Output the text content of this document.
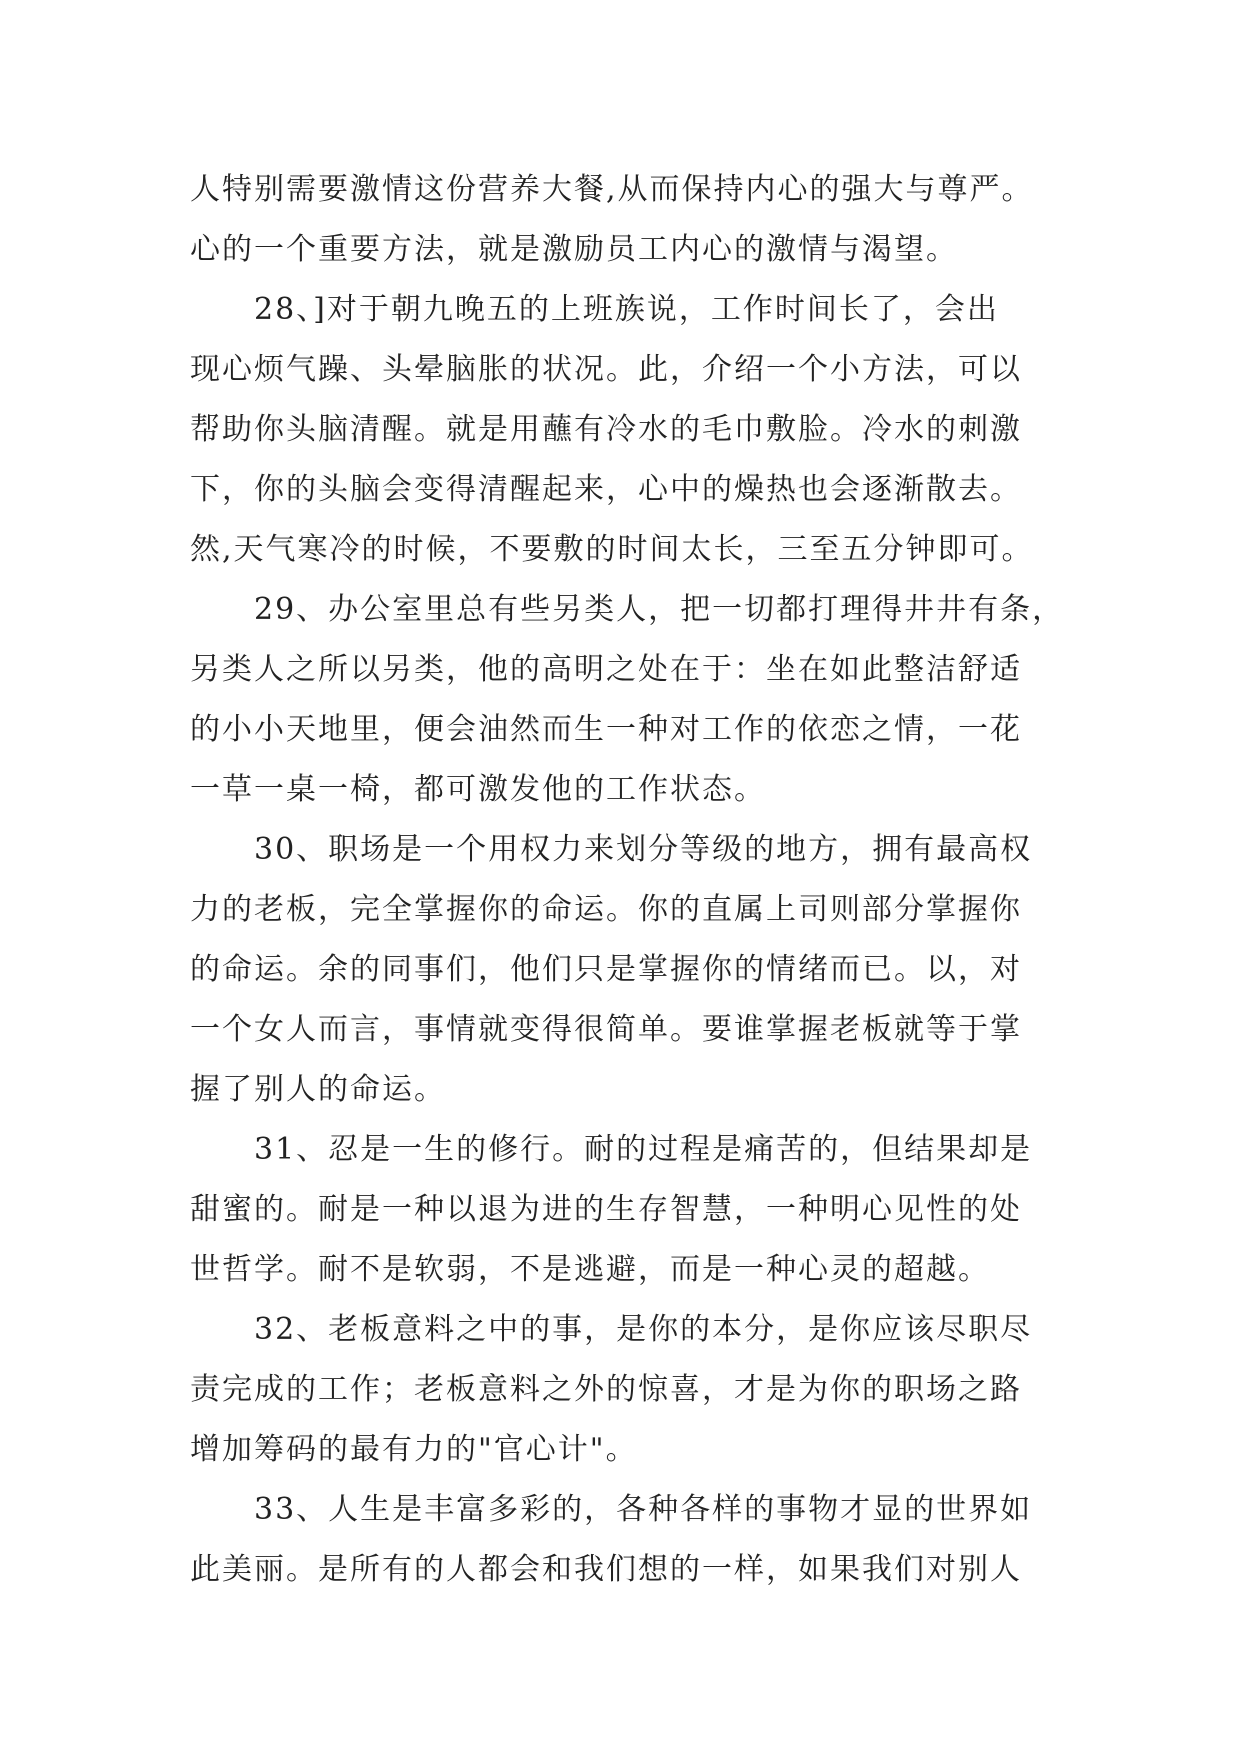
人特别需要激情这份营养大餐,从而保持内心的强大与尊严。
心的一个重要方法，就是激励员工内心的激情与渴望。
28、]对于朝九晚五的上班族说，工作时间长了，会出
现心烦气躁、头晕脑胀的状况。此，介绍一个小方法，可以
帮助你头脑清醒。就是用蘸有冷水的毛巾敷脸。冷水的刺激
下，你的头脑会变得清醒起来，心中的燥热也会逐渐散去。
然,天气寒冷的时候，不要敷的时间太长，三至五分钟即可。
29、办公室里总有些另类人，把一切都打理得井井有条，
另类人之所以另类，他的高明之处在于：坐在如此整洁舒适
的小小天地里，便会油然而生一种对工作的依恋之情，一花
一草一桌一椅，都可激发他的工作状态。
30、职场是一个用权力来划分等级的地方，拥有最高权
力的老板，完全掌握你的命运。你的直属上司则部分掌握你
的命运。余的同事们，他们只是掌握你的情绪而已。以，对
一个女人而言，事情就变得很简单。要谁掌握老板就等于掌
握了别人的命运。
31、忍是一生的修行。耐的过程是痛苦的，但结果却是
甜蜜的。耐是一种以退为进的生存智慧，一种明心见性的处
世哲学。耐不是软弱，不是逃避，而是一种心灵的超越。
32、老板意料之中的事，是你的本分，是你应该尽职尽
责完成的工作；老板意料之外的惊喜，才是为你的职场之路
增加筹码的最有力的"官心计"。
33、人生是丰富多彩的，各种各样的事物才显的世界如
此美丽。是所有的人都会和我们想的一样，如果我们对别人
